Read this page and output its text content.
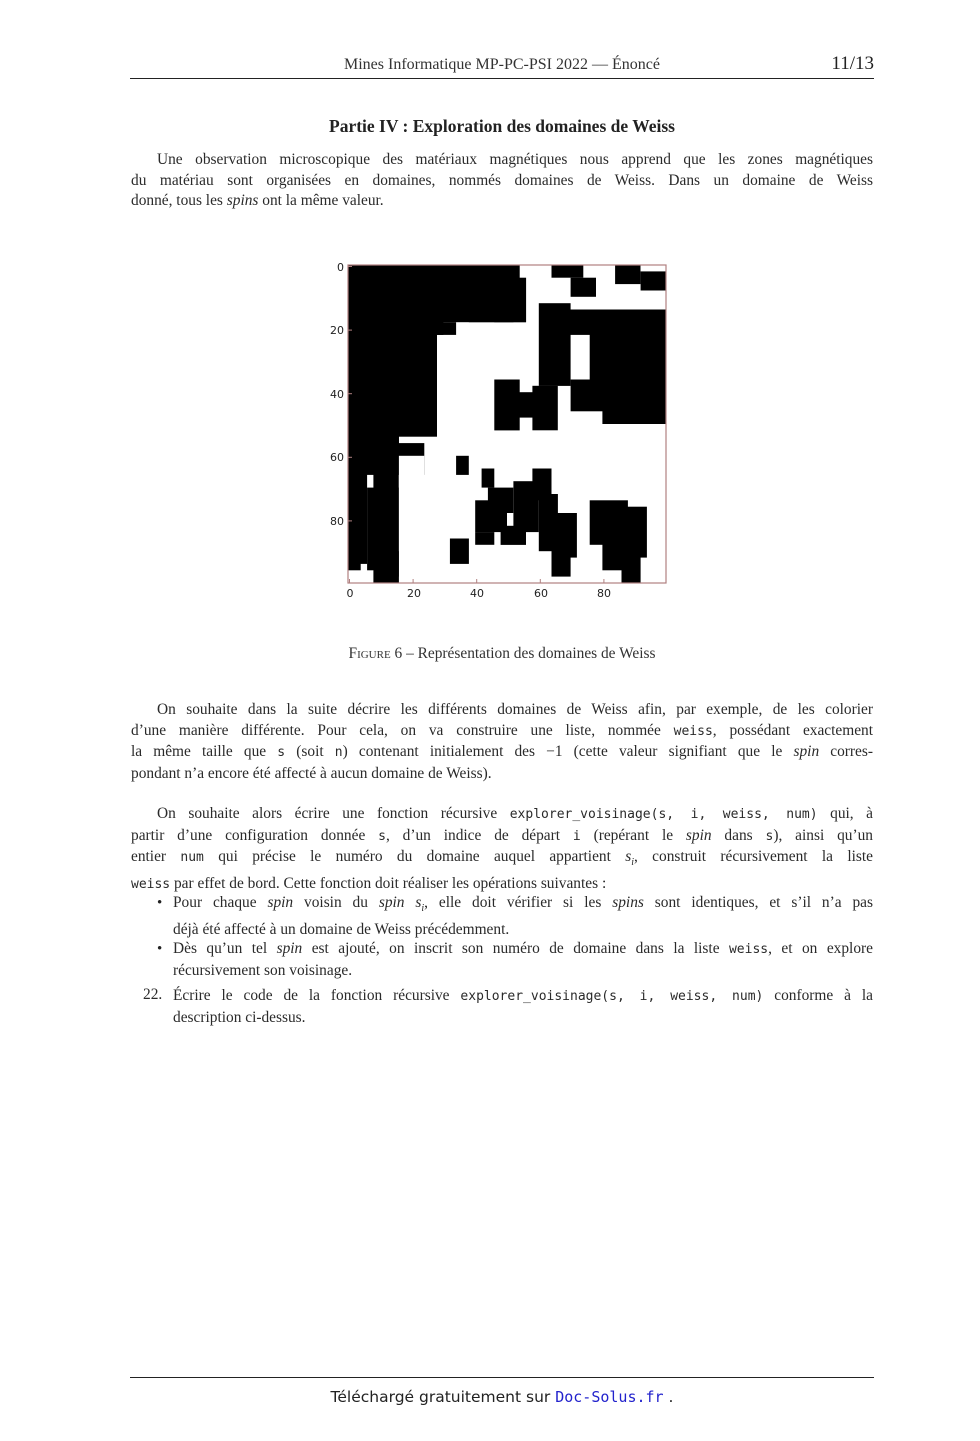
Mines Informatique MP-PC-PSI 2022 — Énoncé	11/13
Partie IV : Exploration des domaines de Weiss
Une observation microscopique des matériaux magnétiques nous apprend que les zones magnétiques
du matériau sont organisées en domaines, nommés domaines de Weiss. Dans un domaine de Weiss
donné, tous les spins ont la même valeur.
0
20
40
60
80
0	20	40	60	80
Figure 6 – Représentation des domaines de Weiss
On souhaite dans la suite décrire les différents domaines de Weiss afin, par exemple, de les colorier
d’une manière différente. Pour cela, on va construire une liste, nommée weiss, possédant exactement
la même taille que s (soit n) contenant initialement des −1 (cette valeur signifiant que le spin corres-
pondant n’a encore été affecté à aucun domaine de Weiss).
On souhaite alors écrire une fonction récursive explorer_voisinage(s, i, weiss, num) qui, à
partir d’une configuration donnée s, d’un indice de départ i (repérant le spin dans s), ainsi qu’un
entier num qui précise le numéro du domaine auquel appartient $s_i$, construit récursivement la liste
weiss par effet de bord. Cette fonction doit réaliser les opérations suivantes :
• Pour chaque spin voisin du spin $s_i$, elle doit vérifier si les spins sont identiques, et s’il n’a pas
déjà été affecté à un domaine de Weiss précédemment.
• Dès qu’un tel spin est ajouté, on inscrit son numéro de domaine dans la liste weiss, et on explore
récursivement son voisinage.
22. Écrire le code de la fonction récursive explorer_voisinage(s, i, weiss, num) conforme à la
description ci-dessus.
Téléchargé gratuitement sur Doc-Solus.fr .
